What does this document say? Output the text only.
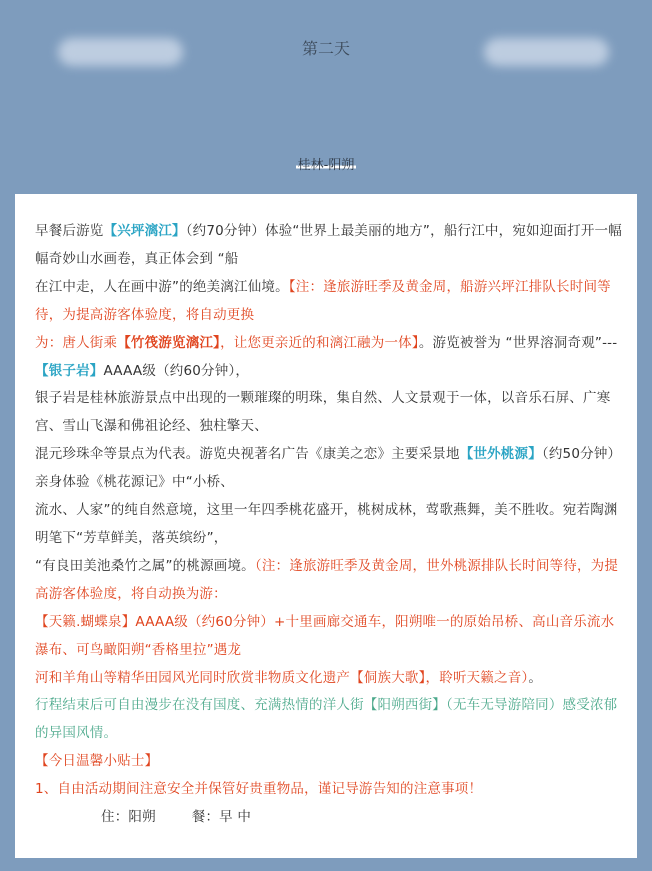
第二天
桂林-阳朔
早餐后游览【兴坪漓江】（约70分钟）体验“世界上最美丽的地方”，船行江中，宛如迎面打开一幅幅奇妙山水画卷，真正体会到 “船
在江中走，人在画中游”的绝美漓江仙境。【注：逢旅游旺季及黄金周，船游兴坪江排队长时间等待，为提高游客体验度，将自动更换
为：唐人街乘【竹筏游览漓江】，让您更亲近的和漓江融为一体】。游览被誉为 “世界溶洞奇观”---【银子岩】AAAA级（约60分钟），
银子岩是桂林旅游景点中出现的一颗璀璨的明珠，集自然、人文景观于一体，以音乐石屏、广寒宫、雪山飞瀑和佛祖论经、独柱擎天、
混元珍珠伞等景点为代表。游览央视著名广告《康美之恋》主要采景地【世外桃源】（约50分钟）亲身体验《桃花源记》中“小桥、
流水、人家”的纯自然意境，这里一年四季桃花盛开，桃树成林，莺歌燕舞，美不胜收。宛若陶渊明笔下“芳草鲜美，落英缤纷”，
“有良田美池桑竹之属”的桃源画境。（注：逢旅游旺季及黄金周，世外桃源排队长时间等待，为提高游客体验度，将自动换为游：
【天籁.蝴蝶泉】AAAA级（约60分钟）+十里画廊交通车，阳朔唯一的原始吊桥、高山音乐流水瀑布、可鸟瞰阳朔“香格里拉”遇龙
河和羊角山等精华田园风光同时欣赏非物质文化遗产【侗族大歌】，聆听天籁之音）。
行程结束后可自由漫步在没有国度、充满热情的洋人街【阳朔西街】（无车无导游陪同）感受浓郁的异国风情。
【今日温馨小贴士】
1、自由活动期间注意安全并保管好贵重物品，谨记导游告知的注意事项！
住：阳朔	餐：早 中
